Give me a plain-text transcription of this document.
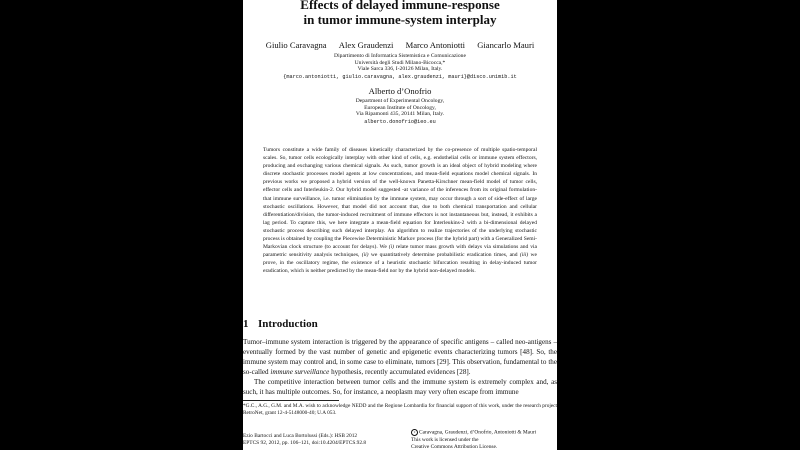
Effects of delayed immune-response
in tumor immune-system interplay
Giulio Caravagna Alex Graudenzi Marco Antoniotti Giancarlo Mauri
Dipartimento di Informatica Sistemistica e Comunicazione
Università degli Studi Milano-Bicocca,*
Viale Sarca 336, I-20126 Milan, Italy.
{marco.antoniotti, giulio.caravagna, alex.graudenzi, mauri}@disco.unimib.it
Alberto d’Onofrio
Department of Experimental Oncology,
European Institute of Oncology,
Via Ripamonti 435, 20141 Milan, Italy.
alberto.donofrio@ieo.eu

Tumors constitute a wide family of diseases kinetically characterized by the co-presence of multiple spatio-temporal scales. So, tumor cells ecologically interplay with other kind of cells, e.g. endothelial cells or immune system effectors, producing and exchanging various chemical signals. As such, tumor growth is an ideal object of hybrid modeling where discrete stochastic processes model agents at low concentrations, and mean-field equations model chemical signals. In previous works we proposed a hybrid version of the well-known Panetta-Kirschner mean-field model of tumor cells, effector cells and Interleukin-2. Our hybrid model suggested -at variance of the inferences from its original formulation- that immune surveillance, i.e. tumor elimination by the immune system, may occur through a sort of side-effect of large stochastic oscillations. However, that model did not account that, due to both chemical transportation and cellular differentiation/division, the tumor-induced recruitment of immune effectors is not instantaneous but, instead, it exhibits a lag period. To capture this, we here integrate a mean-field equation for Interleukins-2 with a bi-dimensional delayed stochastic process describing such delayed interplay. An algorithm to realize trajectories of the underlying stochastic process is obtained by coupling the Piecewise Deterministic Markov process (for the hybrid part) with a Generalized Semi-Markovian clock structure (to account for delays). We (i) relate tumor mass growth with delays via simulations and via parametric sensitivity analysis techniques, (ii) we quantitatively determine probabilistic eradication times, and (iii) we prove, in the oscillatory regime, the existence of a heuristic stochastic bifurcation resulting in delay-induced tumor eradication, which is neither predicted by the mean-field nor by the hybrid non-delayed models.

1 Introduction

Tumor–immune system interaction is triggered by the appearance of specific antigens – called neo-antigens – eventually formed by the vast number of genetic and epigenetic events characterizing tumors [48]. So, the immune system may control and, in some case to eliminate, tumors [29]. This observation, fundamental to the so-called immune surveillance hypothesis, recently accumulated evidences [28].

The competitive interaction between tumor cells and the immune system is extremely complex and, as such, it has multiple outcomes. So, for instance, a neoplasm may very often escape from immune

*G.C., A.G., G.M. and M.A. wish to acknowledge NEDD and the Regione Lombardia for financial support of this work, under the research project RetroNet, grant 12-4-5148000-40; U.A 053.

Ezio Bartocci and Luca Bortolussi (Eds.): HSB 2012
EPTCS 92, 2012, pp. 106–121, doi:10.4204/EPTCS.92.8
c Caravagna, Graudenzi, d’Onofrio, Antoniotti & Mauri
This work is licensed under the
Creative Commons Attribution License.
